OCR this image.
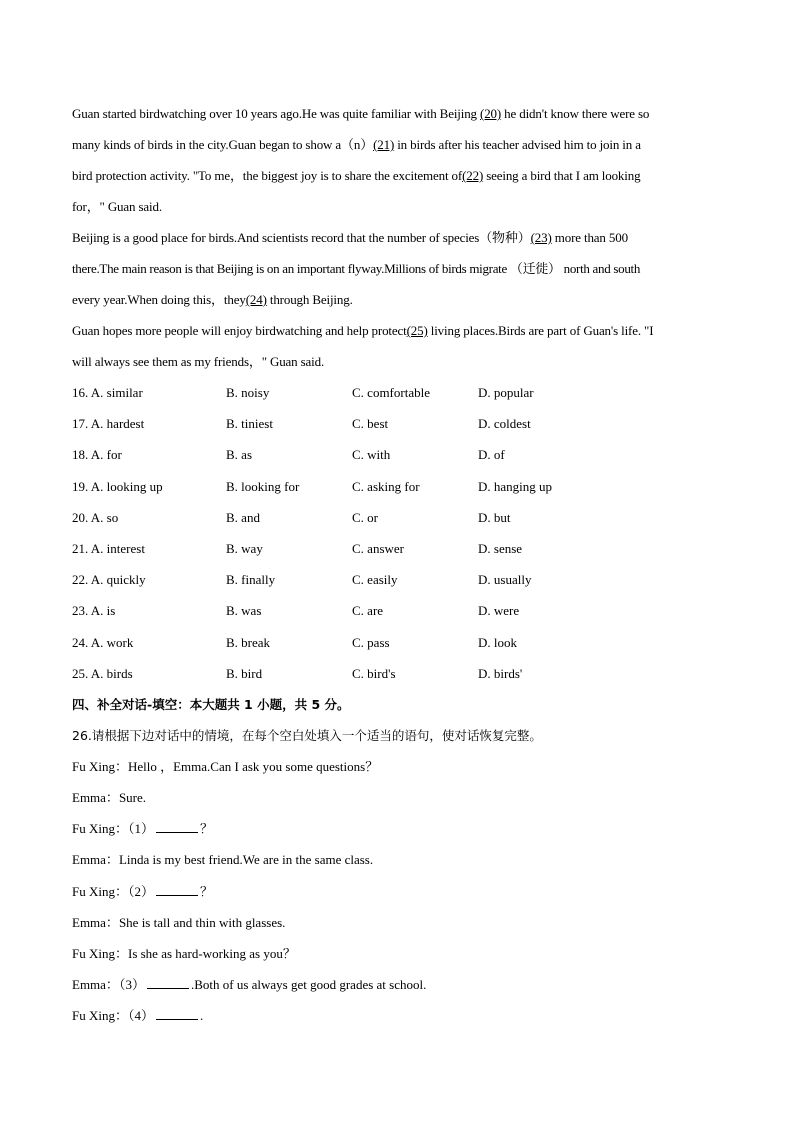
Guan started birdwatching over 10 years ago.He was quite familiar with Beijing (20) he didn't know there were so
many kinds of birds in the city.Guan began to show a（n）(21) in birds after his teacher advised him to join in a
bird protection activity. "To me，the biggest joy is to share the excitement of(22) seeing a bird that I am looking
for，" Guan said.
Beijing is a good place for birds.And scientists record that the number of species（物种）(23) more than 500
there.The main reason is that Beijing is on an important flyway.Millions of birds migrate （迁徙） north and south
every year.When doing this，they(24) through Beijing.
Guan hopes more people will enjoy birdwatching and help protect(25) living places.Birds are part of Guan's life. "I
will always see them as my friends，" Guan said.
16. A. similar	B. noisy	C. comfortable	D. popular
17. A. hardest	B. tiniest	C. best	D. coldest
18. A. for	B. as	C. with	D. of
19. A. looking up	B. looking for	C. asking for	D. hanging up
20. A. so	B. and	C. or	D. but
21. A. interest	B. way	C. answer	D. sense
22. A. quickly	B. finally	C. easily	D. usually
23. A. is	B. was	C. are	D. were
24. A. work	B. break	C. pass	D. look
25. A. birds	B. bird	C. bird's	D. birds'
四、补全对话-填空：本大题共 1 小题，共 5 分。
26.请根据下边对话中的情境，在每个空白处填入一个适当的语句，使对话恢复完整。
Fu Xing：Hello ，Emma.Can I ask you some questions？
Emma：Sure.
Fu Xing：（1）	？
Emma：Linda is my best friend.We are in the same class.
Fu Xing：（2）	？
Emma：She is tall and thin with glasses.
Fu Xing：Is she as hard-working as you？
Emma：（3）	.Both of us always get good grades at school.
Fu Xing：（4）	.
